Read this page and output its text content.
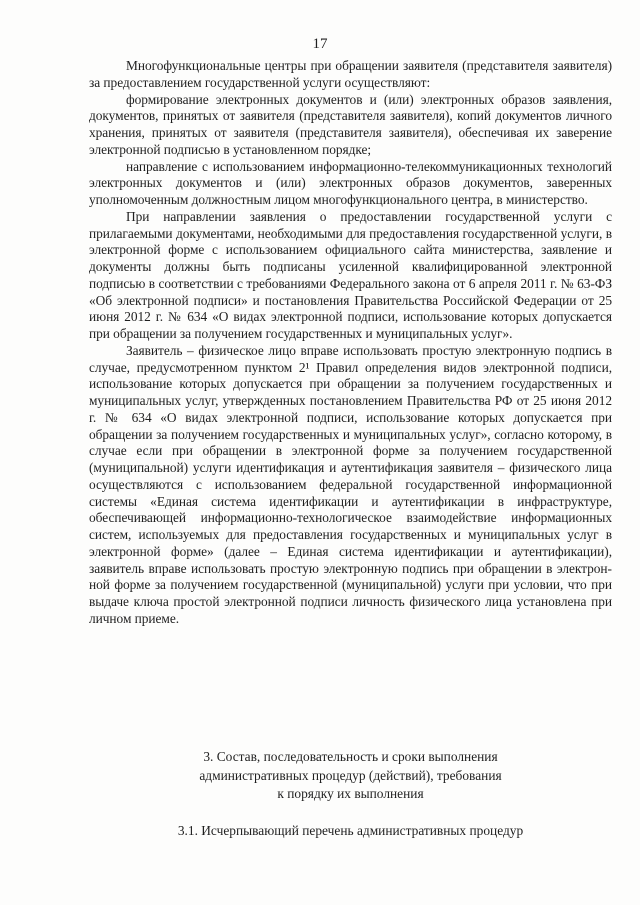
17

Многофункциональные центры при обращении заявителя (представителя заявителя) за предоставлением государственной услуги осуществляют:

формирование электронных документов и (или) электронных образов заявления, документов, принятых от заявителя (представителя заявителя), копий документов личного хранения, принятых от заявителя (представителя заявителя), обеспечивая их заверение электронной подписью в установленном порядке;

направление с использованием информационно-телекоммуникационных технологий электронных документов и (или) электронных образов документов, заверенных уполномоченным должностным лицом многофункционального центра, в министерство.

При направлении заявления о предоставлении государственной услуги с прилагаемыми документами, необходимыми для предоставления государственной услуги, в электронной форме с использованием официального сайта министерства, заявление и документы должны быть подписаны усиленной квалифицированной электронной подписью в соответствии с требованиями Федерального закона от 6 апреля 2011 г. № 63-ФЗ «Об электронной подписи» и постановления Правительства Российской Федерации от 25 июня 2012 г. № 634 «О видах электронной подписи, использование которых допускается при обращении за получением государственных и муниципальных услуг».

Заявитель – физическое лицо вправе использовать простую электронную подпись в случае, предусмотренном пунктом 2¹ Правил определения видов электронной подписи, использование которых допускается при обращении за получением государственных и муниципальных услуг, утвержденных постановлением Правительства РФ от 25 июня 2012 г. № 634 «О видах электронной подписи, использование которых допускается при обращении за получением государственных и муниципальных услуг», согласно которому, в случае если при обращении в электронной форме за получением государственной (муниципальной) услуги идентификация и аутентификация заявителя – физического лица осуществляются с использованием федеральной государственной информационной системы «Единая система идентификации и аутентификации в инфраструктуре, обеспечивающей информационно-технологическое взаимодействие информационных систем, используемых для предоставления государственных и муниципальных услуг в электронной форме» (далее – Единая система идентификации и аутентификации), заявитель вправе использовать простую электронную подпись при обращении в электронной форме за получением государственной (муниципальной) услуги при условии, что при выдаче ключа простой электронной подписи личность физического лица установлена при личном приеме.

3. Состав, последовательность и сроки выполнения
административных процедур (действий), требования
к порядку их выполнения
3.1. Исчерпывающий перечень административных процедур
